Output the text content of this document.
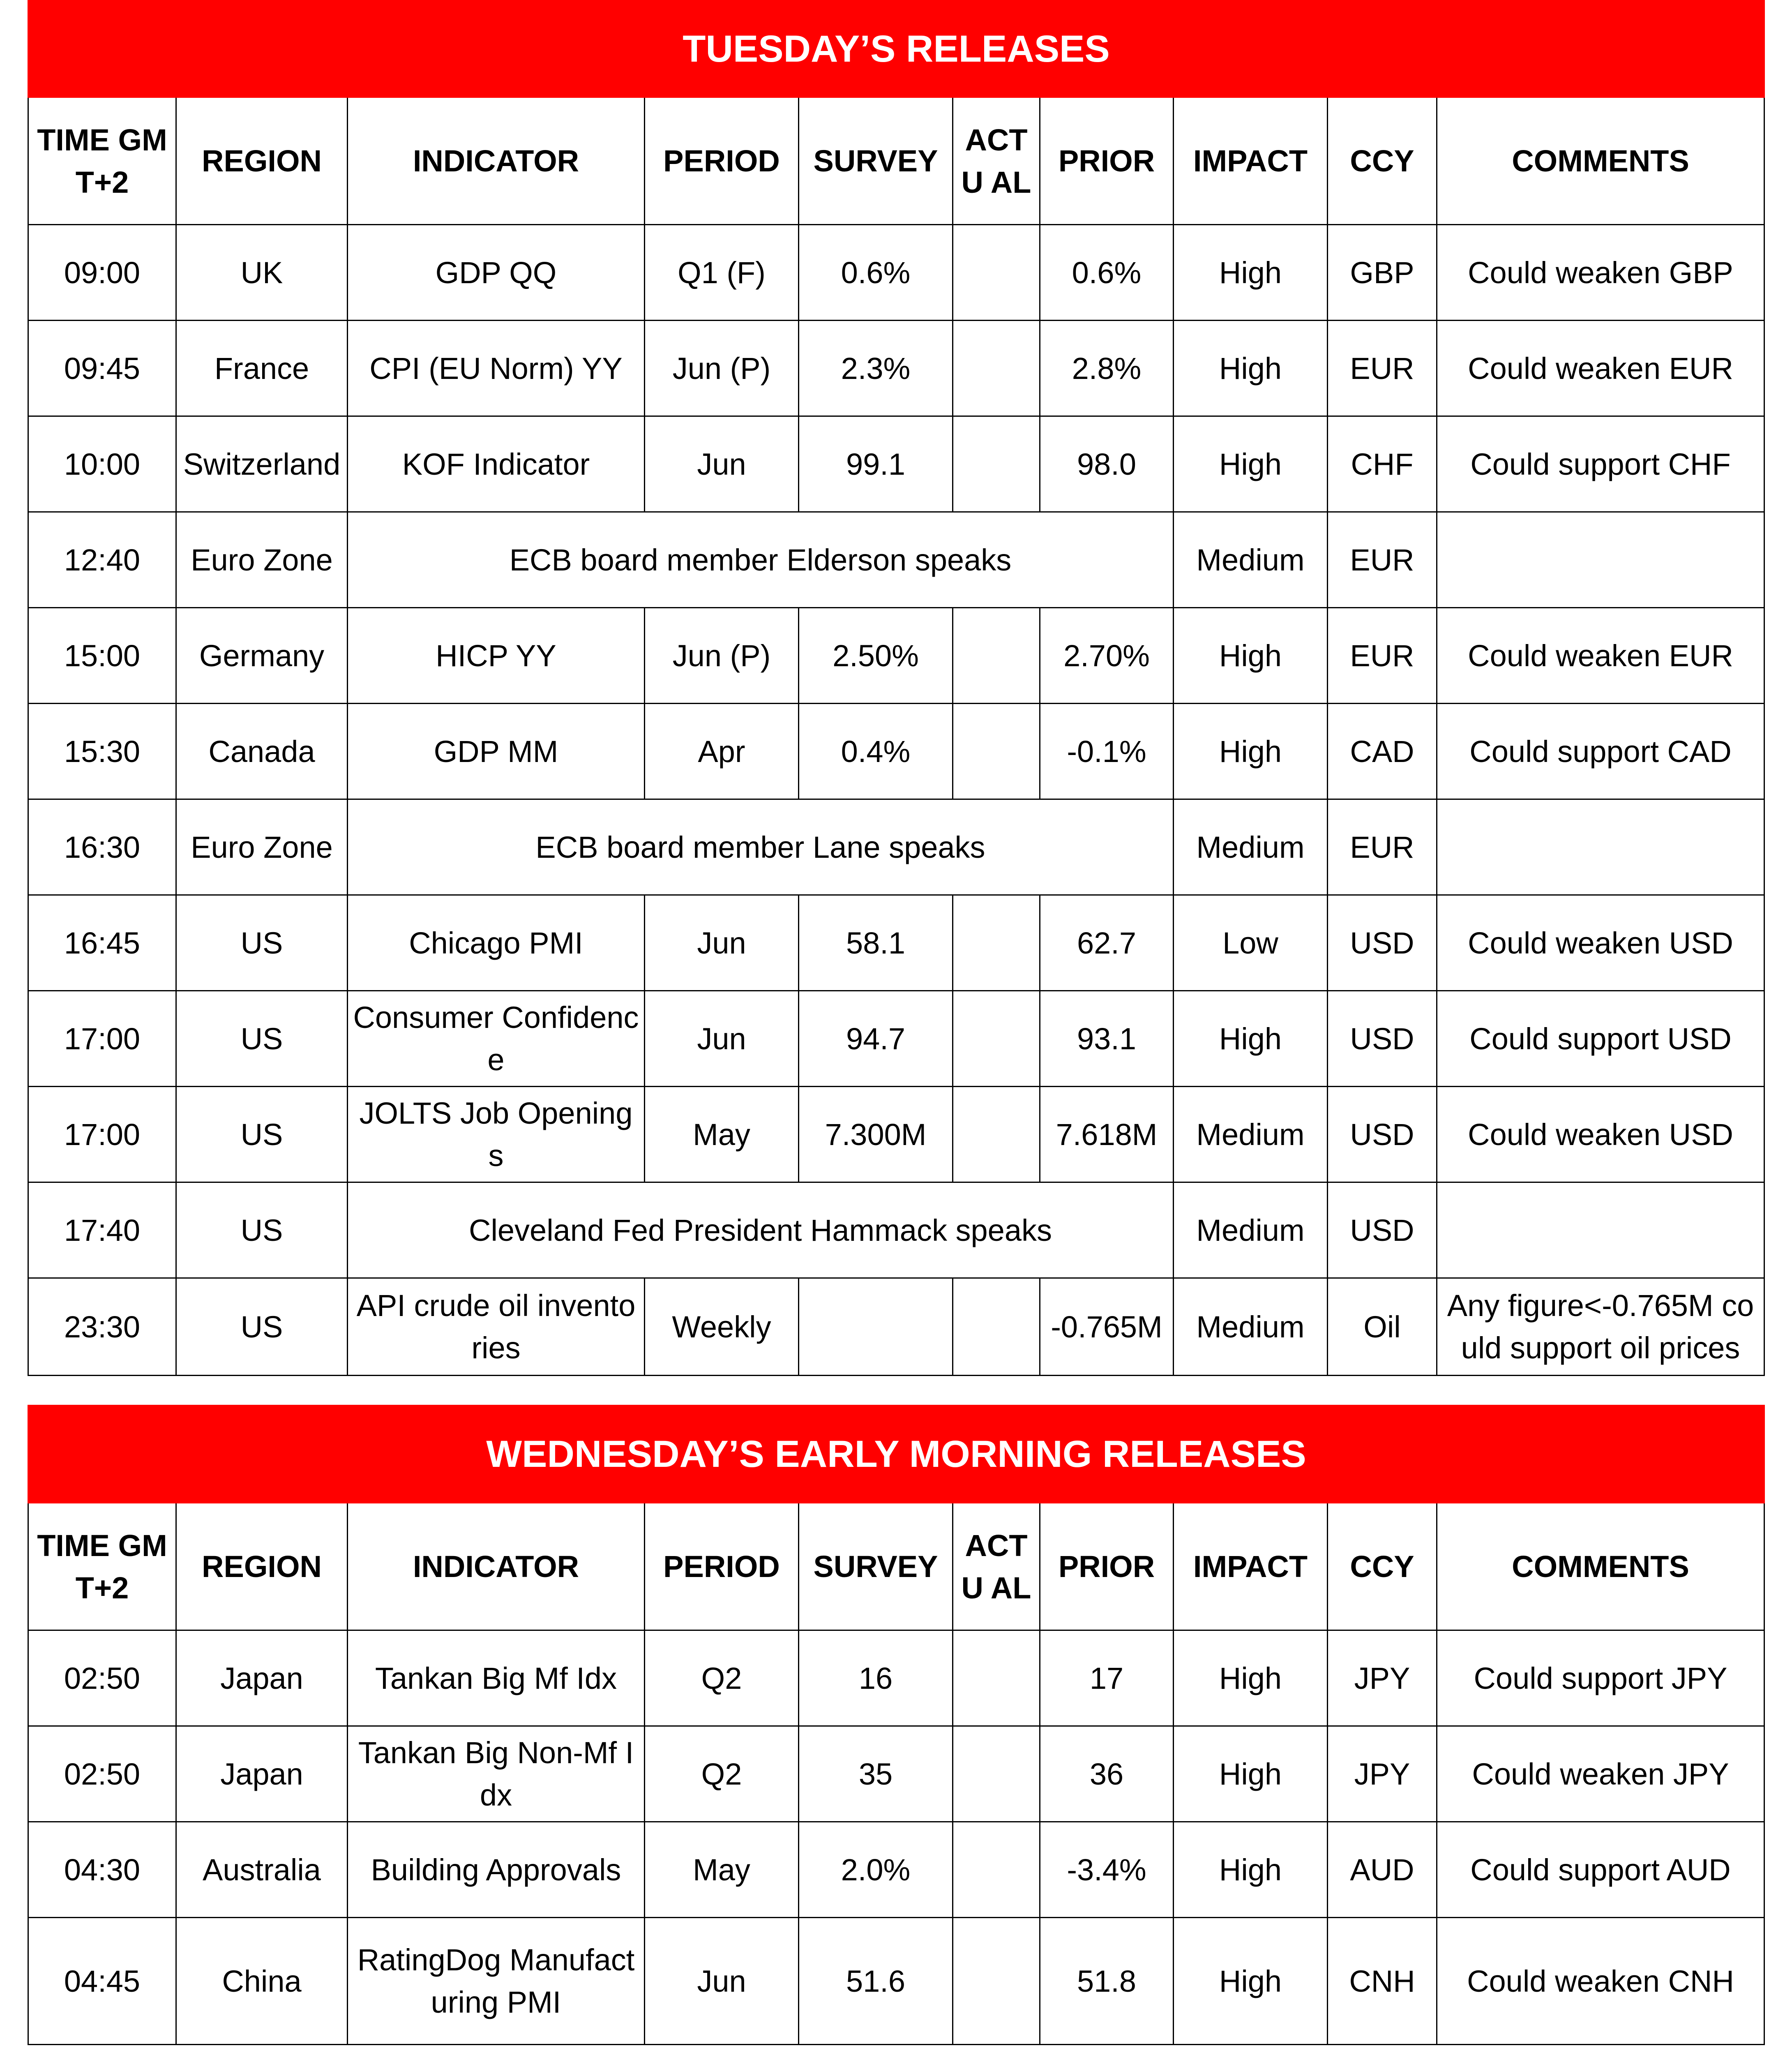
TUESDAY’S RELEASES									
TIME GMT+2	REGION	INDICATOR	PERIOD	SURVEY	ACTU AL	PRIOR	IMPACT	CCY	COMMENTS
09:00	UK	GDP QQ	Q1 (F)	0.6%		0.6%	High	GBP	Could weaken GBP
09:45	France	CPI (EU Norm) YY	Jun (P)	2.3%		2.8%	High	EUR	Could weaken EUR
10:00	Switzerland	KOF Indicator	Jun	99.1		98.0	High	CHF	Could support CHF
12:40	Euro Zone	ECB board member Elderson speaks					Medium	EUR	
15:00	Germany	HICP YY	Jun (P)	2.50%		2.70%	High	EUR	Could weaken EUR
15:30	Canada	GDP MM	Apr	0.4%		-0.1%	High	CAD	Could support CAD
16:30	Euro Zone	ECB board member Lane speaks					Medium	EUR	
16:45	US	Chicago PMI	Jun	58.1		62.7	Low	USD	Could weaken USD
17:00	US	Consumer Confidence	Jun	94.7		93.1	High	USD	Could support USD
17:00	US	JOLTS Job Openings	May	7.300M		7.618M	Medium	USD	Could weaken USD
17:40	US	Cleveland Fed President Hammack speaks					Medium	USD	
23:30	US	API crude oil inventories	Weekly			-0.765M	Medium	Oil	Any figure<-0.765M could support oil prices
WEDNESDAY’S EARLY MORNING RELEASES									
TIME GMT+2	REGION	INDICATOR	PERIOD	SURVEY	ACTU AL	PRIOR	IMPACT	CCY	COMMENTS
02:50	Japan	Tankan Big Mf Idx	Q2	16		17	High	JPY	Could support JPY
02:50	Japan	Tankan Big Non-Mf Idx	Q2	35		36	High	JPY	Could weaken JPY
04:30	Australia	Building Approvals	May	2.0%		-3.4%	High	AUD	Could support AUD
04:45	China	RatingDog Manufacturing PMI	Jun	51.6		51.8	High	CNH	Could weaken CNH
